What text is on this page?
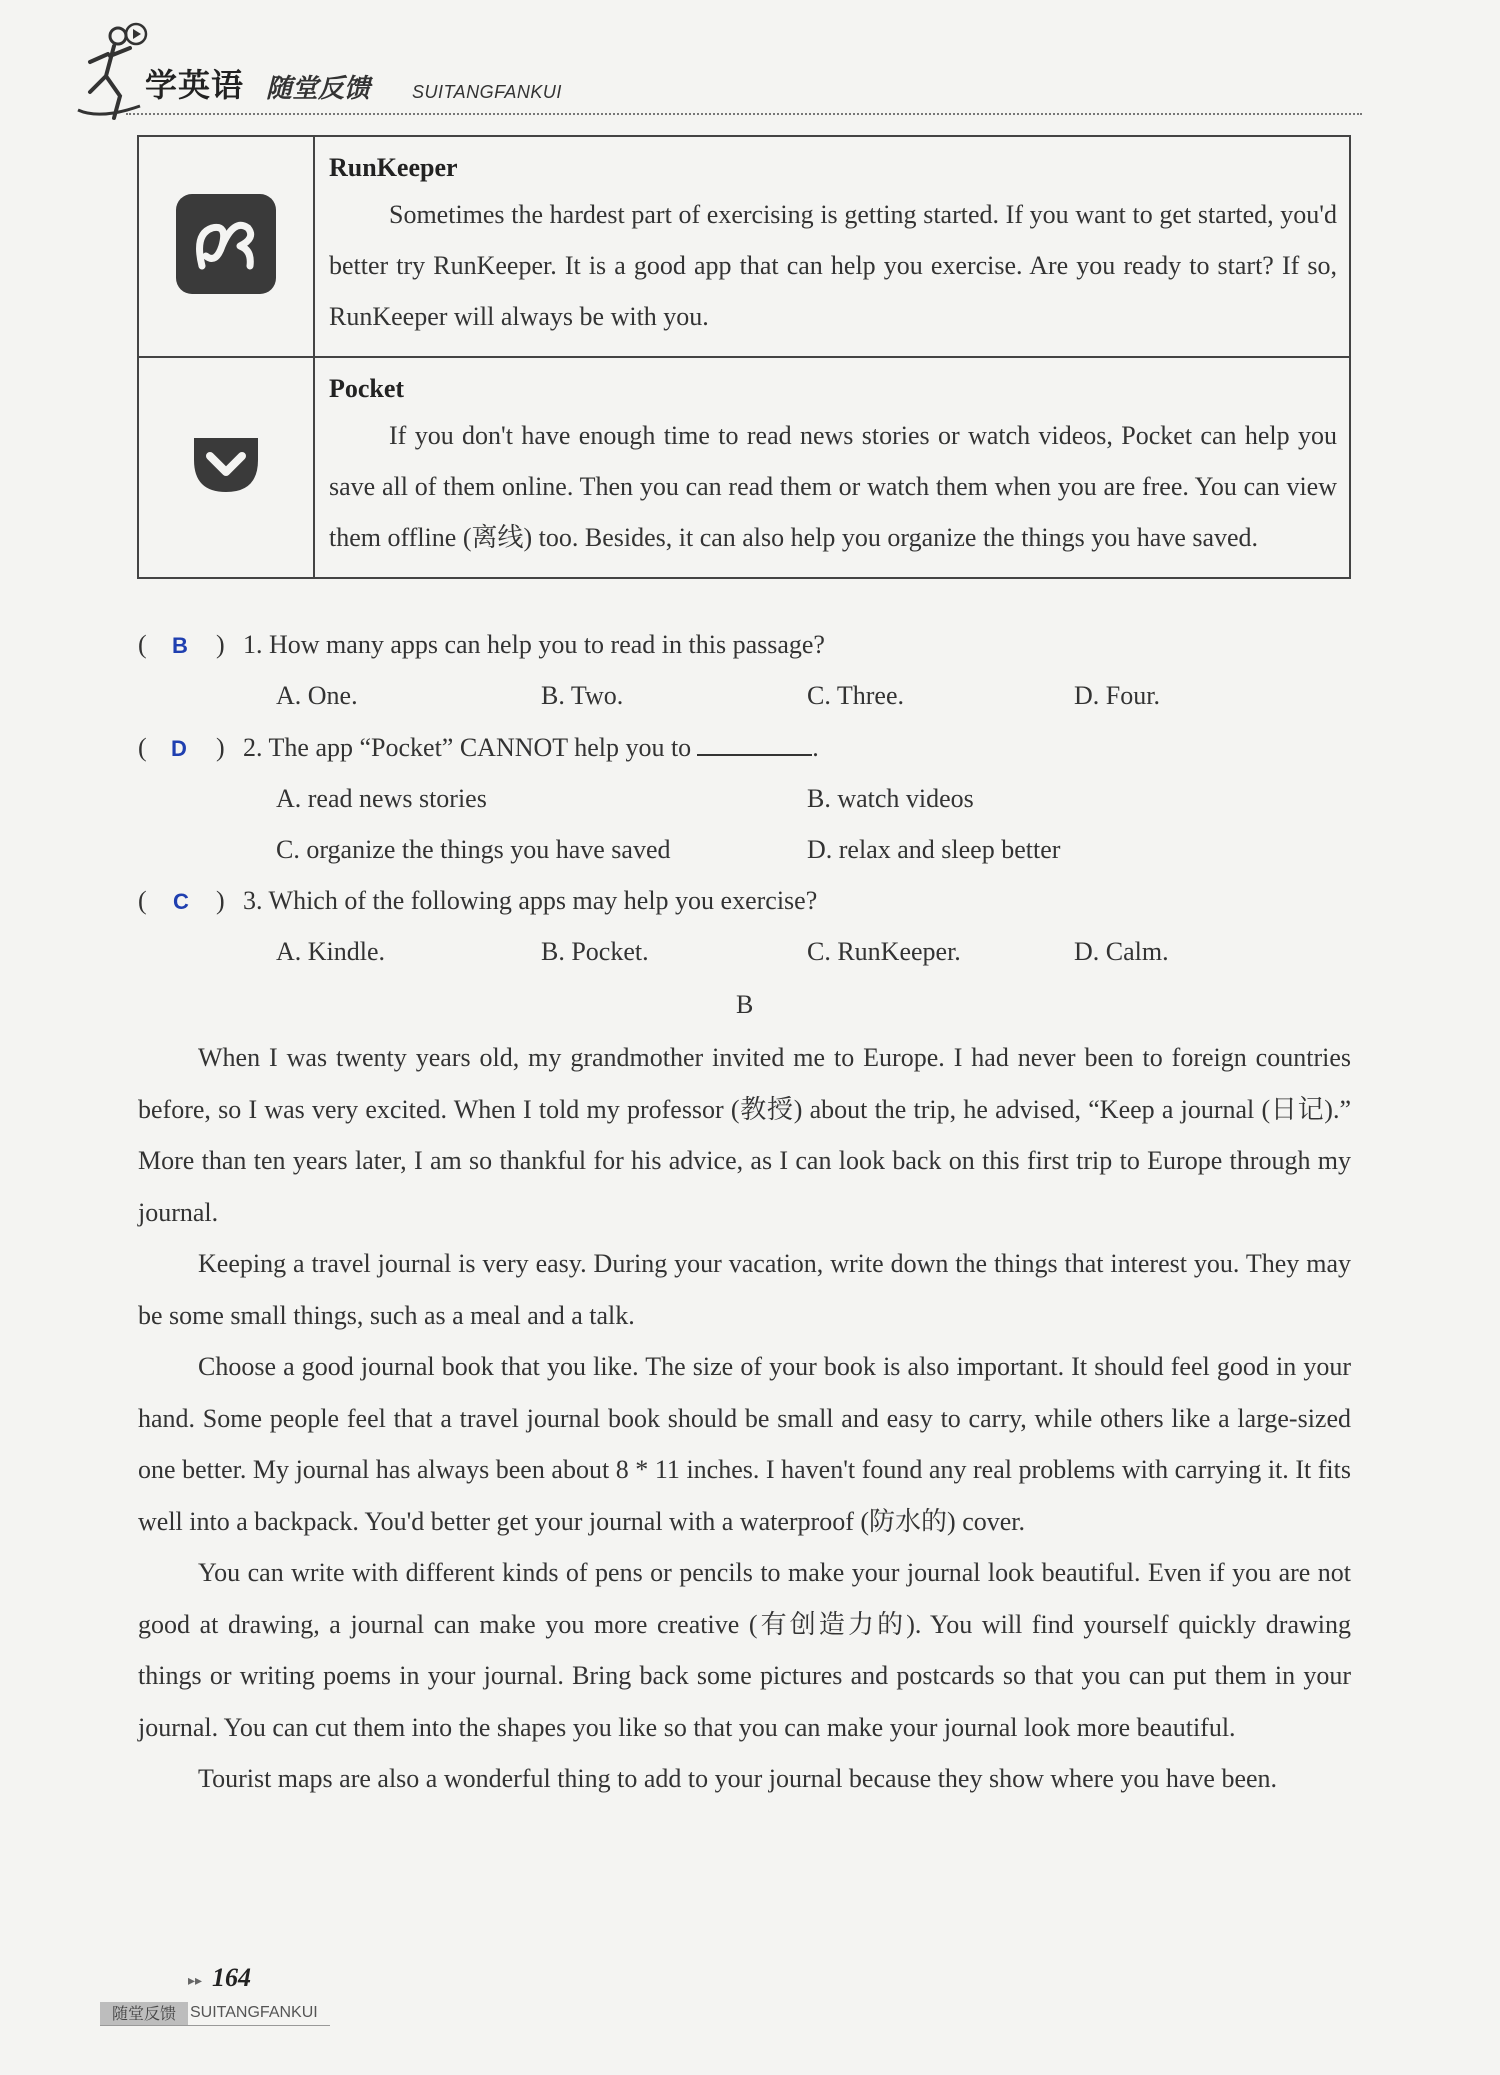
学英语 随堂反馈 SUITANGFANKUI

RunKeeper

Sometimes the hardest part of exercising is getting started. If you want to get started, you'd better try RunKeeper. It is a good app that can help you exercise. Are you ready to start? If so, RunKeeper will always be with you.

Pocket

If you don't have enough time to read news stories or watch videos, Pocket can help you save all of them online. Then you can read them or watch them when you are free. You can view them offline (离线) too. Besides, it can also help you organize the things you have saved.

( B ) 1. How many apps can help you to read in this passage?
A. One.	B. Two.	C. Three.	D. Four.
( D ) 2. The app “Pocket” CANNOT help you to	.
A. read news stories	B. watch videos
C. organize the things you have saved	D. relax and sleep better
( C ) 3. Which of the following apps may help you exercise?
A. Kindle.	B. Pocket.	C. RunKeeper.	D. Calm.
B

When I was twenty years old, my grandmother invited me to Europe. I had never been to foreign countries before, so I was very excited. When I told my professor (教授) about the trip, he advised, “Keep a journal (日记).” More than ten years later, I am so thankful for his advice, as I can look back on this first trip to Europe through my journal.

Keeping a travel journal is very easy. During your vacation, write down the things that interest you. They may be some small things, such as a meal and a talk.

Choose a good journal book that you like. The size of your book is also important. It should feel good in your hand. Some people feel that a travel journal book should be small and easy to carry, while others like a large-sized one better. My journal has always been about 8 * 11 inches. I haven't found any real problems with carrying it. It fits well into a backpack. You'd better get your journal with a waterproof (防水的) cover.

You can write with different kinds of pens or pencils to make your journal look beautiful. Even if you are not good at drawing, a journal can make you more creative (有创造力的). You will find yourself quickly drawing things or writing poems in your journal. Bring back some pictures and postcards so that you can put them in your journal. You can cut them into the shapes you like so that you can make your journal look more beautiful.

Tourist maps are also a wonderful thing to add to your journal because they show where you have been.

▸▸ 164
随堂反馈 SUITANGFANKUI
